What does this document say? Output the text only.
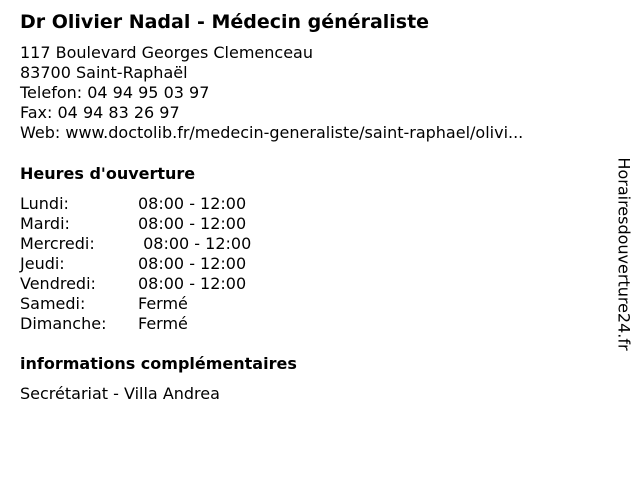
Dr Olivier Nadal - Médecin généraliste
117 Boulevard Georges Clemenceau
83700 Saint-Raphaël
Telefon: 04 94 95 03 97
Fax: 04 94 83 26 97
Web: www.doctolib.fr/medecin-generaliste/saint-raphael/olivi...
Heures d'ouverture
Lundi:	08:00 - 12:00
Mardi:	08:00 - 12:00
Mercredi:	08:00 - 12:00
Jeudi:	08:00 - 12:00
Vendredi:	08:00 - 12:00
Samedi:	Fermé
Dimanche: Fermé
informations complémentaires
Secrétariat - Villa Andrea
Horairesdouverture24.fr
